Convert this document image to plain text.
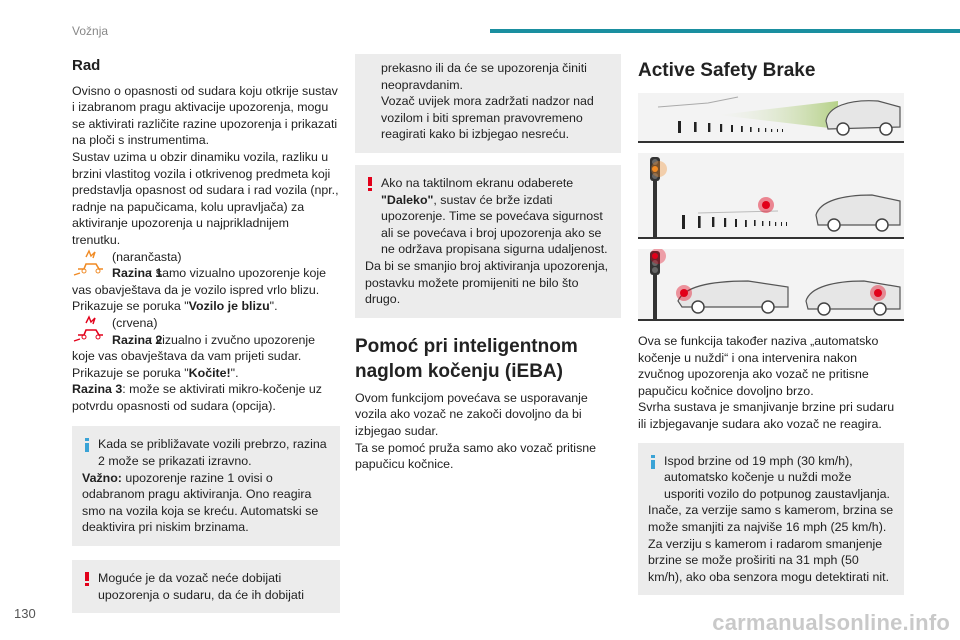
Vožnja
Rad

Ovisno o opasnosti od sudara koju otkrije sustav i izabranom pragu aktivacije upozorenja, mogu se aktivirati različite razine upozorenja i prikazati na ploči s instrumentima.

Sustav uzima u obzir dinamiku vozila, razliku u brzini vlastitog vozila i otkrivenog predmeta koji predstavlja opasnost od sudara i rad vozila (npr., radnje na papučicama, kolu upravljača) za aktiviranje upozorenja u najprikladnijem trenutku.

(narančasta)

Razina 1

: samo vizualno upozorenje koje vas obavještava da je vozilo ispred vrlo blizu.

Prikazuje se poruka "Vozilo je blizu".

(crvena)

Razina 2

: vizualno i zvučno upozorenje koje vas obavještava da vam prijeti sudar.

Prikazuje se poruka "Kočite!".

Razina 3: može se aktivirati mikro-kočenje uz potvrdu opasnosti od sudara (opcija).

Kada se približavate vozili prebrzo, razina 2 može se prikazati izravno.

Važno: upozorenje razine 1 ovisi o odabranom pragu aktiviranja. Ono reagira smo na vozila koja se kreću. Automatski se deaktivira pri niskim brzinama.

Moguće je da vozač neće dobijati upozorenja o sudaru, da će ih dobijati

prekasno ili da će se upozorenja činiti neopravdanim.

Vozač uvijek mora zadržati nadzor nad vozilom i biti spreman pravovremeno reagirati kako bi izbjegao nesreću.

Ako na taktilnom ekranu odaberete "Daleko", sustav će brže izdati upozorenje. Time se povećava sigurnost ali se povećava i broj upozorenja ako se ne održava propisana sigurna udaljenost.

Da bi se smanjio broj aktiviranja upozorenja, postavku možete promijeniti ne bilo što drugo.

Pomoć pri inteligentnom naglom kočenju (iEBA)

Ovom funkcijom povećava se usporavanje vozila ako vozač ne zakoči dovoljno da bi izbjegao sudar.

Ta se pomoć pruža samo ako vozač pritisne papučicu kočnice.

Active Safety Brake

Ova se funkcija također naziva „automatsko kočenje u nuždi“ i ona intervenira nakon zvučnog upozorenja ako vozač ne pritisne papučicu kočnice dovoljno brzo.

Svrha sustava je smanjivanje brzine pri sudaru ili izbjegavanje sudara ako vozač ne reagira.

Ispod brzine od 19 mph (30 km/h), automatsko kočenje u nuždi može usporiti vozilo do potpunog zaustavljanja.

Inače, za verzije samo s kamerom, brzina se može smanjiti za najviše 16 mph (25 km/h).

Za verziju s kamerom i radarom smanjenje brzine se može proširiti na 31 mph (50 km/h), ako oba senzora mogu detektirati nit.

130	carmanualsonline.info
